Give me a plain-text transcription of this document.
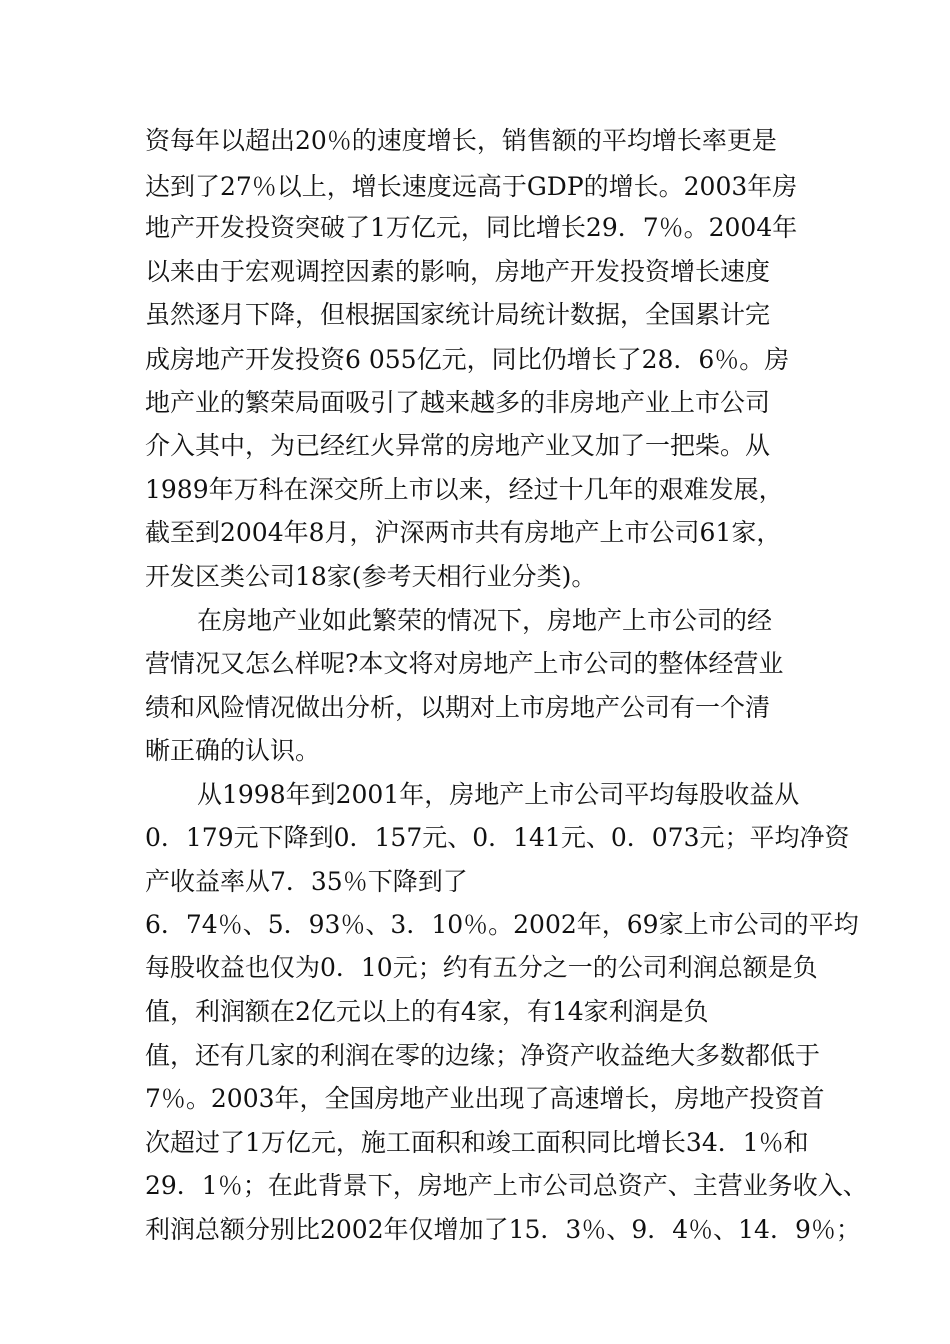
资每年以超出20％的速度增长，销售额的平均增长率更是
达到了27％以上，增长速度远高于GDP的增长。2003年房
地产开发投资突破了1万亿元，同比增长29．7％。2004年
以来由于宏观调控因素的影响，房地产开发投资增长速度
虽然逐月下降，但根据国家统计局统计数据，全国累计完
成房地产开发投资6 055亿元，同比仍增长了28．6％。房
地产业的繁荣局面吸引了越来越多的非房地产业上市公司
介入其中，为已经红火异常的房地产业又加了一把柴。从
1989年万科在深交所上市以来，经过十几年的艰难发展，
截至到2004年8月，沪深两市共有房地产上市公司61家，
开发区类公司18家(参考天相行业分类)。
在房地产业如此繁荣的情况下，房地产上市公司的经
营情况又怎么样呢?本文将对房地产上市公司的整体经营业
绩和风险情况做出分析，以期对上市房地产公司有一个清
晰正确的认识。
从1998年到2001年，房地产上市公司平均每股收益从
0．179元下降到0．157元、0．141元、0．073元；平均净资
产收益率从7．35％下降到了
6．74％、5．93％、3．10％。2002年，69家上市公司的平均
每股收益也仅为0．10元；约有五分之一的公司利润总额是负
值，利润额在2亿元以上的有4家，有14家利润是负
值，还有几家的利润在零的边缘；净资产收益绝大多数都低于
7％。2003年，全国房地产业出现了高速增长，房地产投资首
次超过了1万亿元，施工面积和竣工面积同比增长34．1％和
29．1％；在此背景下，房地产上市公司总资产、主营业务收入、
利润总额分别比2002年仅增加了15．3％、9．4％、14．9％；
